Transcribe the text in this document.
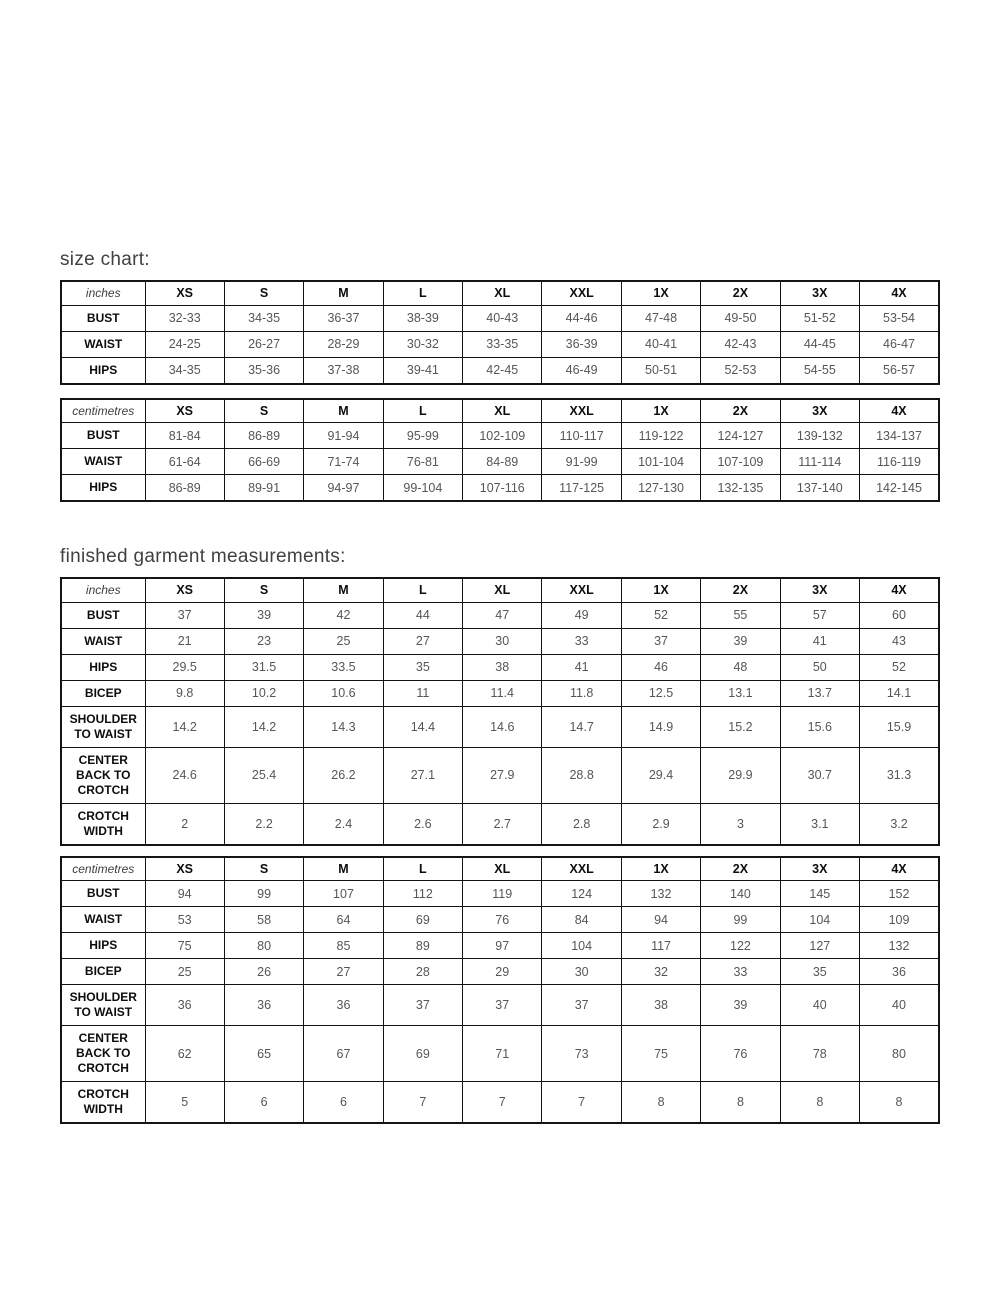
size chart:
inches	XS	S	M	L	XL	XXL	1X	2X	3X	4X
BUST	32-33	34-35	36-37	38-39	40-43	44-46	47-48	49-50	51-52	53-54
WAIST	24-25	26-27	28-29	30-32	33-35	36-39	40-41	42-43	44-45	46-47
HIPS	34-35	35-36	37-38	39-41	42-45	46-49	50-51	52-53	54-55	56-57
centimetres	XS	S	M	L	XL	XXL	1X	2X	3X	4X
BUST	81-84	86-89	91-94	95-99	102-109	110-117	119-122	124-127	139-132	134-137
WAIST	61-64	66-69	71-74	76-81	84-89	91-99	101-104	107-109	111-114	116-119
HIPS	86-89	89-91	94-97	99-104	107-116	117-125	127-130	132-135	137-140	142-145
finished garment measurements:
inches	XS	S	M	L	XL	XXL	1X	2X	3X	4X
BUST	37	39	42	44	47	49	52	55	57	60
WAIST	21	23	25	27	30	33	37	39	41	43
HIPS	29.5	31.5	33.5	35	38	41	46	48	50	52
BICEP	9.8	10.2	10.6	11	11.4	11.8	12.5	13.1	13.7	14.1
SHOULDER TO WAIST	14.2	14.2	14.3	14.4	14.6	14.7	14.9	15.2	15.6	15.9
CENTER BACK TO CROTCH	24.6	25.4	26.2	27.1	27.9	28.8	29.4	29.9	30.7	31.3
CROTCH WIDTH	2	2.2	2.4	2.6	2.7	2.8	2.9	3	3.1	3.2
centimetres	XS	S	M	L	XL	XXL	1X	2X	3X	4X
BUST	94	99	107	112	119	124	132	140	145	152
WAIST	53	58	64	69	76	84	94	99	104	109
HIPS	75	80	85	89	97	104	117	122	127	132
BICEP	25	26	27	28	29	30	32	33	35	36
SHOULDER TO WAIST	36	36	36	37	37	37	38	39	40	40
CENTER BACK TO CROTCH	62	65	67	69	71	73	75	76	78	80
CROTCH WIDTH	5	6	6	7	7	7	8	8	8	8
